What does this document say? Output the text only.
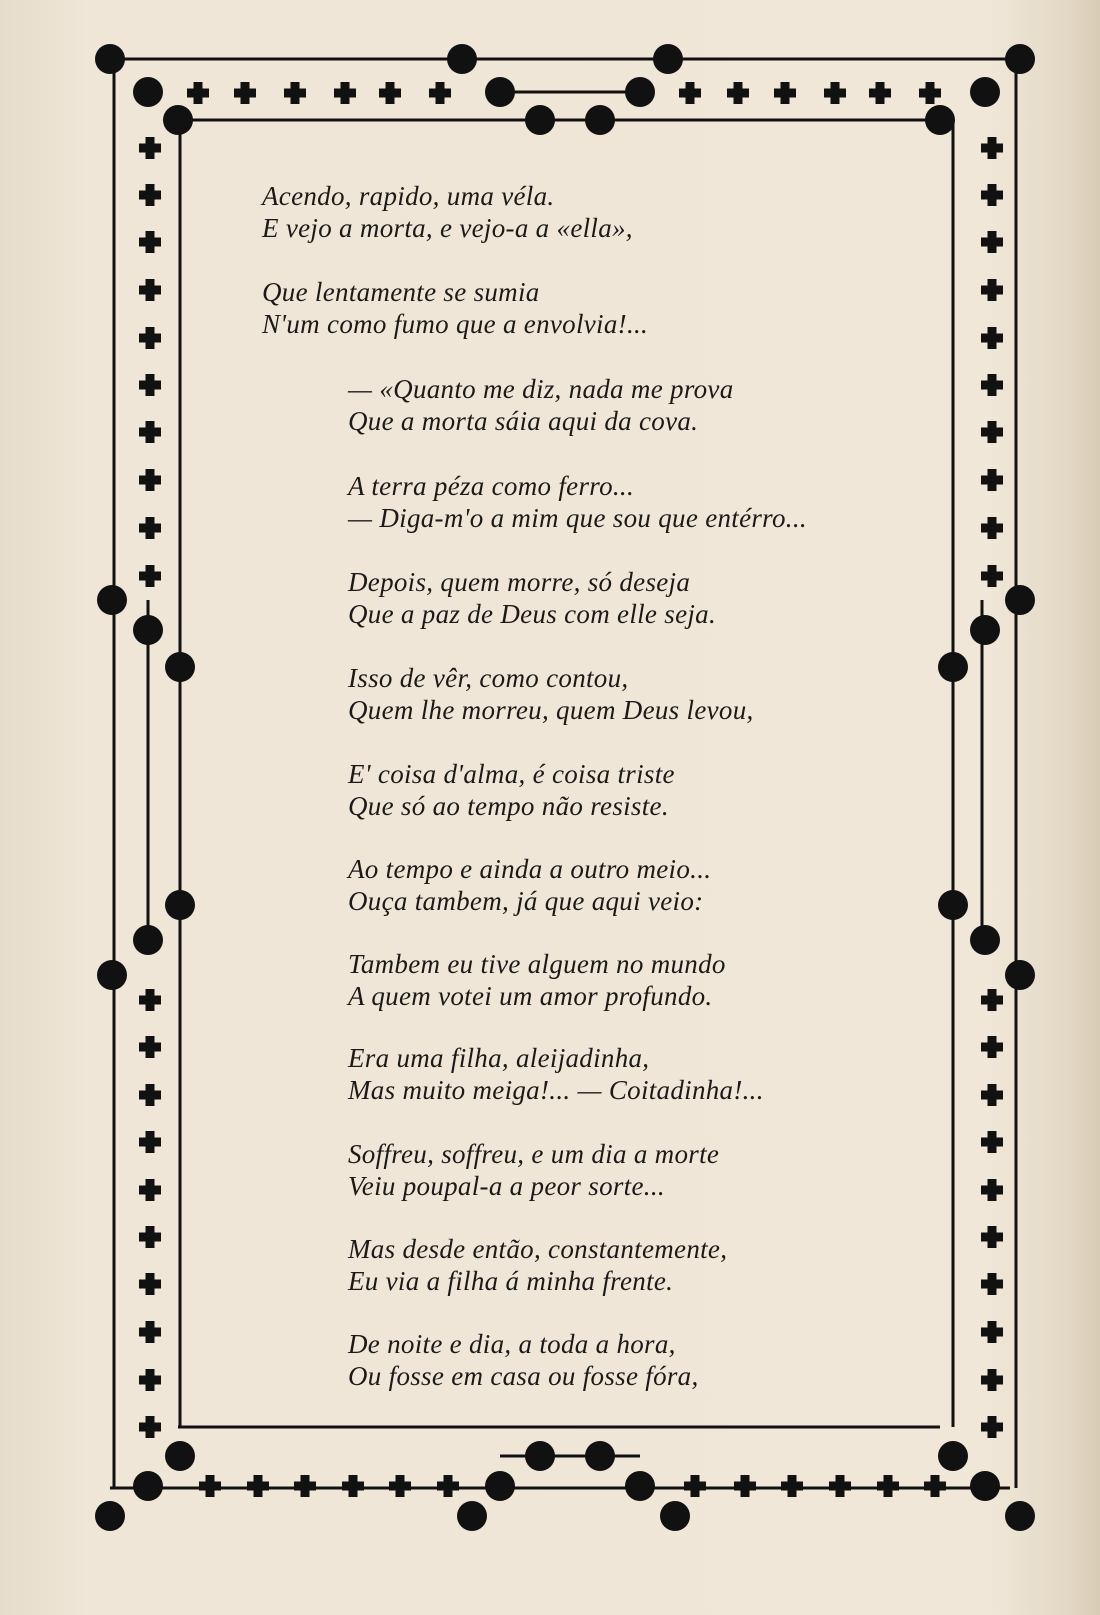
Acendo, rapido, uma véla.
E vejo a morta, e vejo-a a «ella»,
Que lentamente se sumia
N'um como fumo que a envolvia!...
— «Quanto me diz, nada me prova
Que a morta sáia aqui da cova.
A terra péza como ferro...
— Diga-m'o a mim que sou que entérro...
Depois, quem morre, só deseja
Que a paz de Deus com elle seja.
Isso de vêr, como contou,
Quem lhe morreu, quem Deus levou,
E' coisa d'alma, é coisa triste
Que só ao tempo não resiste.
Ao tempo e ainda a outro meio...
Ouça tambem, já que aqui veio:
Tambem eu tive alguem no mundo
A quem votei um amor profundo.
Era uma filha, aleijadinha,
Mas muito meiga!... — Coitadinha!...
Soffreu, soffreu, e um dia a morte
Veiu poupal-a a peor sorte...
Mas desde então, constantemente,
Eu via a filha á minha frente.
De noite e dia, a toda a hora,
Ou fosse em casa ou fosse fóra,
